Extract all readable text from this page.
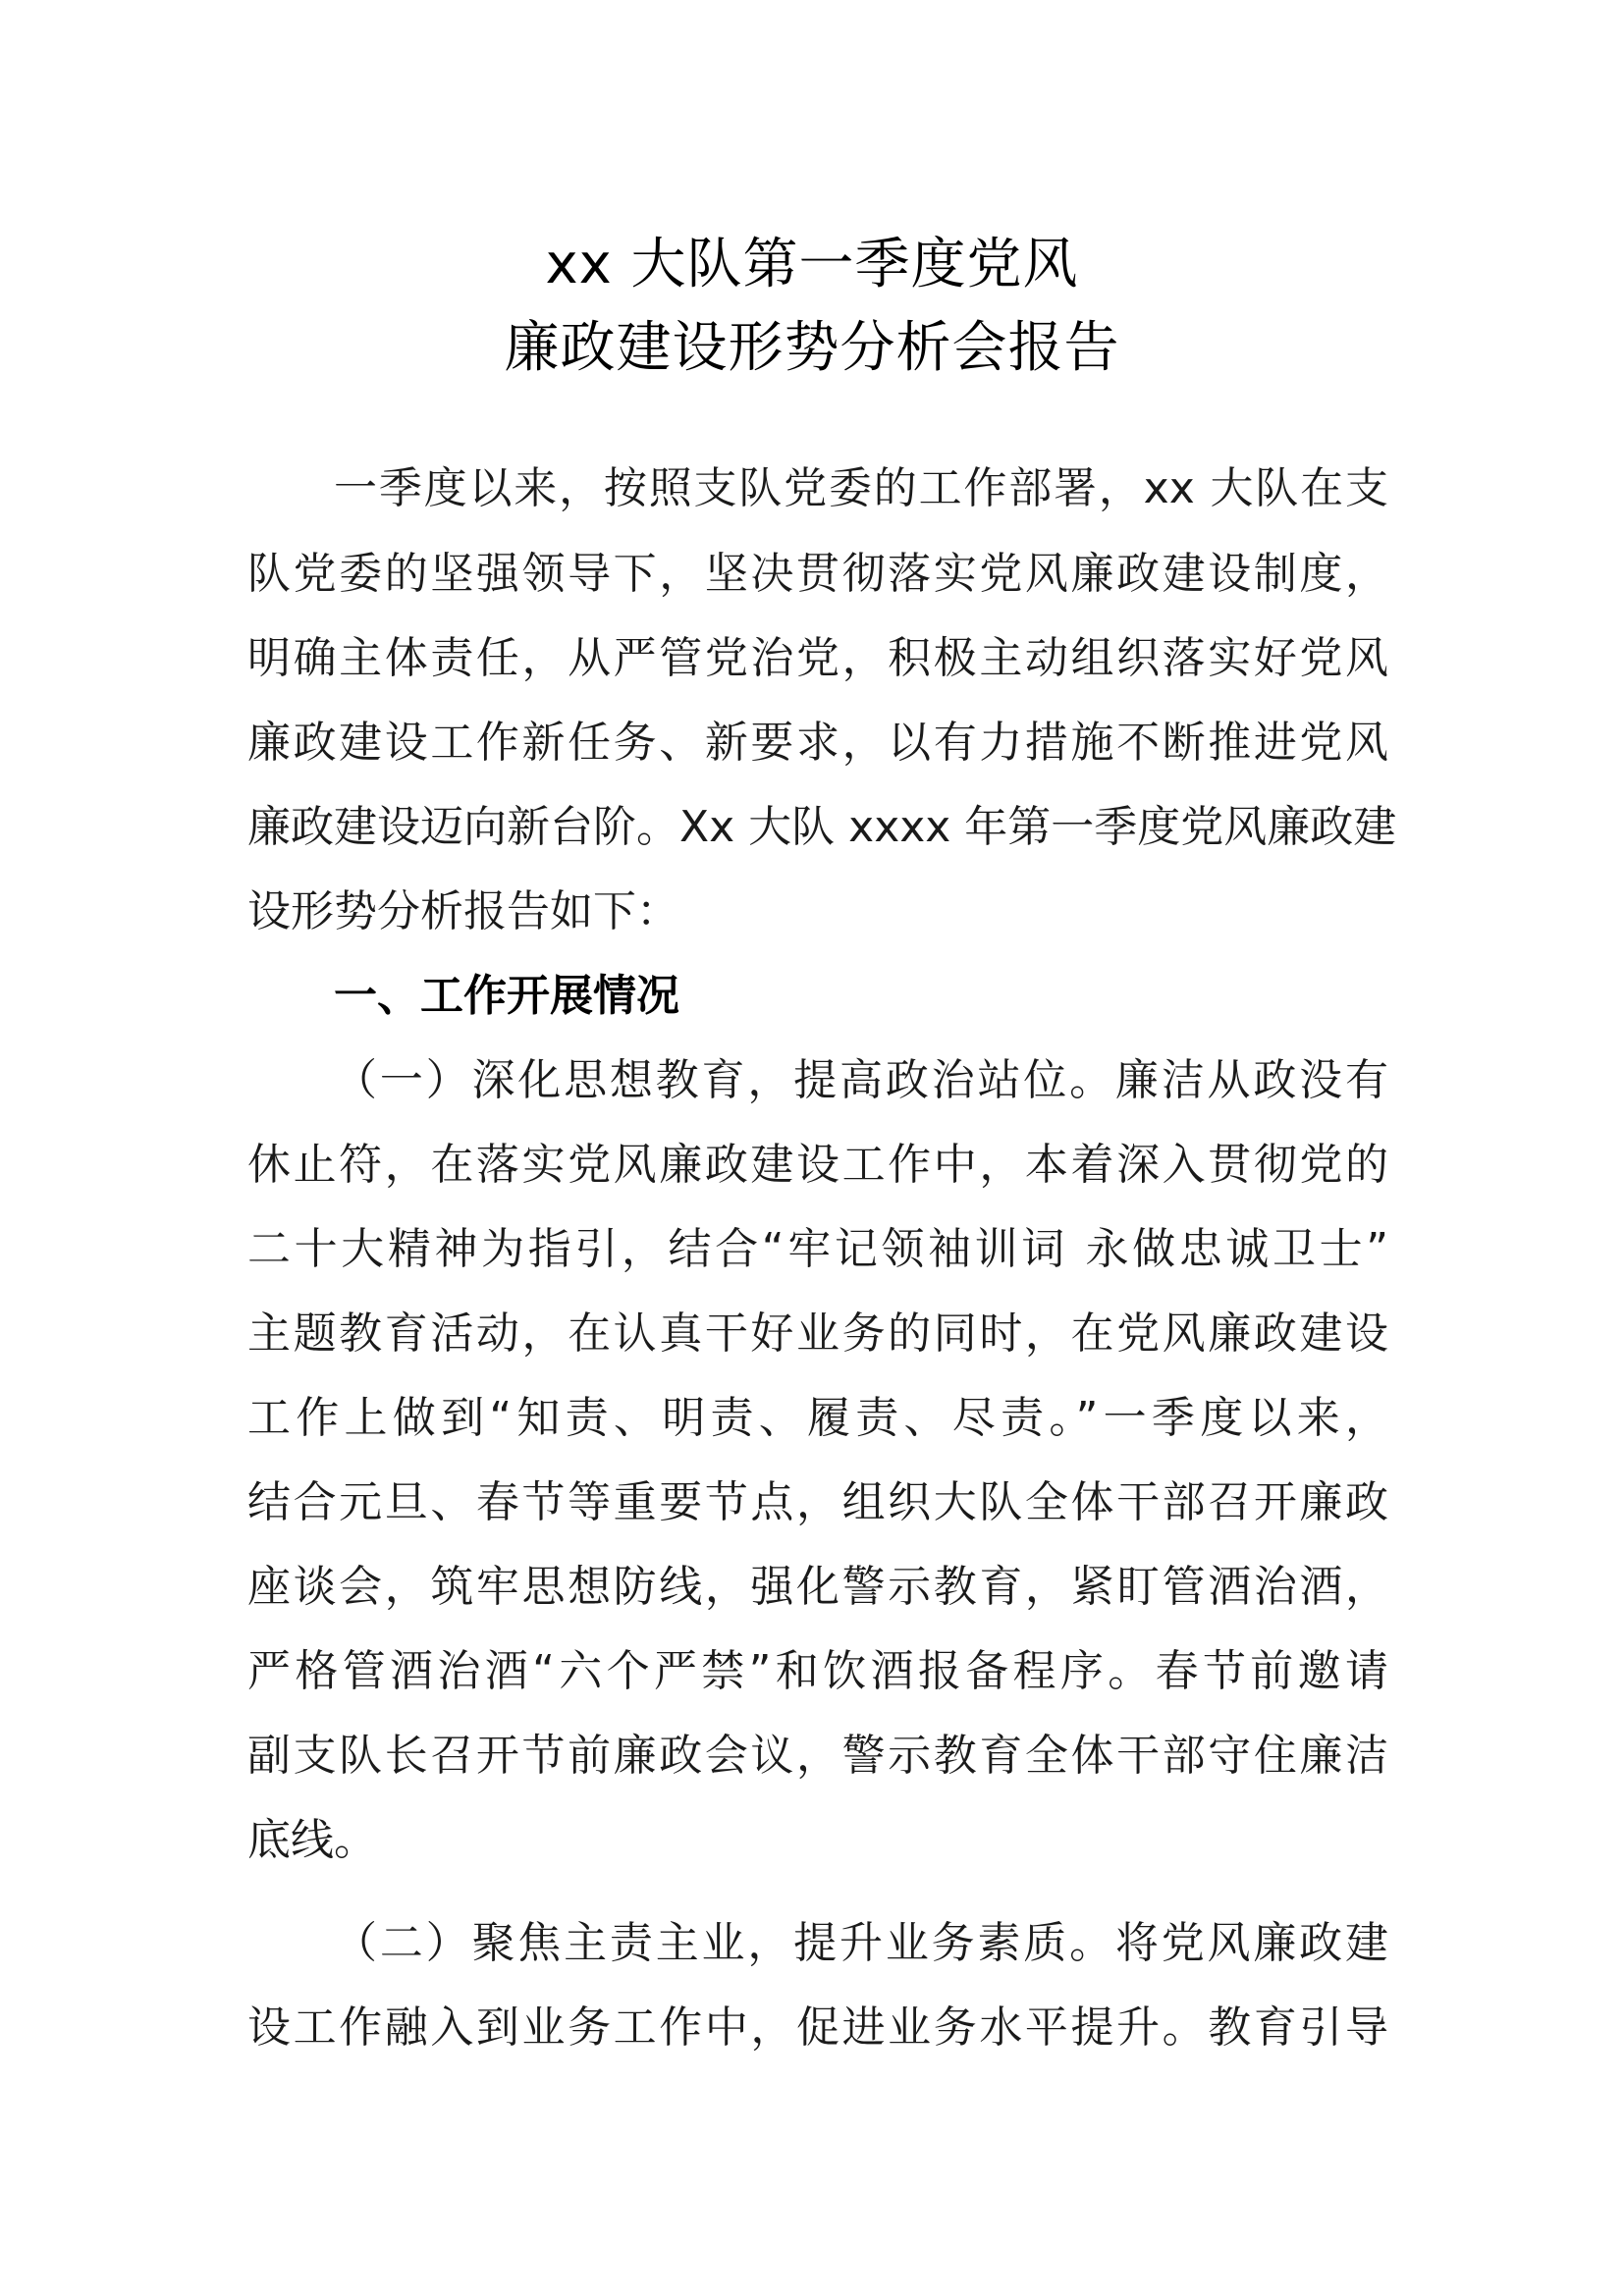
xx 大队第一季度党风
廉政建设形势分析会报告
一季度以来，按照支队党委的工作部署，xx 大队在支
队党委的坚强领导下，坚决贯彻落实党风廉政建设制度，
明确主体责任，从严管党治党，积极主动组织落实好党风
廉政建设工作新任务、新要求，以有力措施不断推进党风
廉政建设迈向新台阶。Xx 大队 xxxx 年第一季度党风廉政建
设形势分析报告如下：
一、工作开展情况
（一）深化思想教育，提高政治站位。廉洁从政没有
休止符，在落实党风廉政建设工作中，本着深入贯彻党的
二十大精神为指引，结合“牢记领袖训词 永做忠诚卫士”
主题教育活动，在认真干好业务的同时，在党风廉政建设
工作上做到“知责、明责、履责、尽责。”一季度以来，
结合元旦、春节等重要节点，组织大队全体干部召开廉政
座谈会，筑牢思想防线，强化警示教育，紧盯管酒治酒，
严格管酒治酒“六个严禁”和饮酒报备程序。春节前邀请
副支队长召开节前廉政会议，警示教育全体干部守住廉洁
底线。
（二）聚焦主责主业，提升业务素质。将党风廉政建
设工作融入到业务工作中，促进业务水平提升。教育引导
